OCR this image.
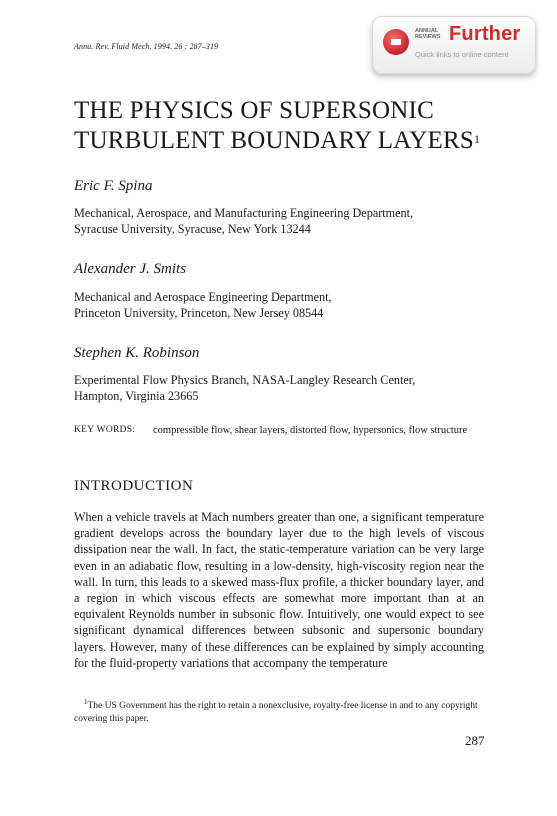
Annu. Rev. Fluid Mech. 1994. 26 : 287–319
ANNUAL
REVIEWS Further
Quick links to online content
THE PHYSICS OF SUPERSONIC TURBULENT BOUNDARY LAYERS$^1$
Eric F. Spina
Mechanical, Aerospace, and Manufacturing Engineering Department,
Syracuse University, Syracuse, New York 13244
Alexander J. Smits
Mechanical and Aerospace Engineering Department,
Princeton University, Princeton, New Jersey 08544
Stephen K. Robinson
Experimental Flow Physics Branch, NASA-Langley Research Center,
Hampton, Virginia 23665
KEY WORDS: compressible flow, shear layers, distorted flow, hypersonics, flow structure
INTRODUCTION

When a vehicle travels at Mach numbers greater than one, a significant temperature gradient develops across the boundary layer due to the high levels of viscous dissipation near the wall. In fact, the static-temperature variation can be very large even in an adiabatic flow, resulting in a low-density, high-viscosity region near the wall. In turn, this leads to a skewed mass-flux profile, a thicker boundary layer, and a region in which viscous effects are somewhat more important than at an equivalent Reynolds number in subsonic flow. Intuitively, one would expect to see significant dynamical differences between subsonic and supersonic boundary layers. However, many of these differences can be explained by simply accounting for the fluid-property variations that accompany the temperature

$^1$The US Government has the right to retain a nonexclusive, royalty-free license in and to any copyright covering this paper.

287
